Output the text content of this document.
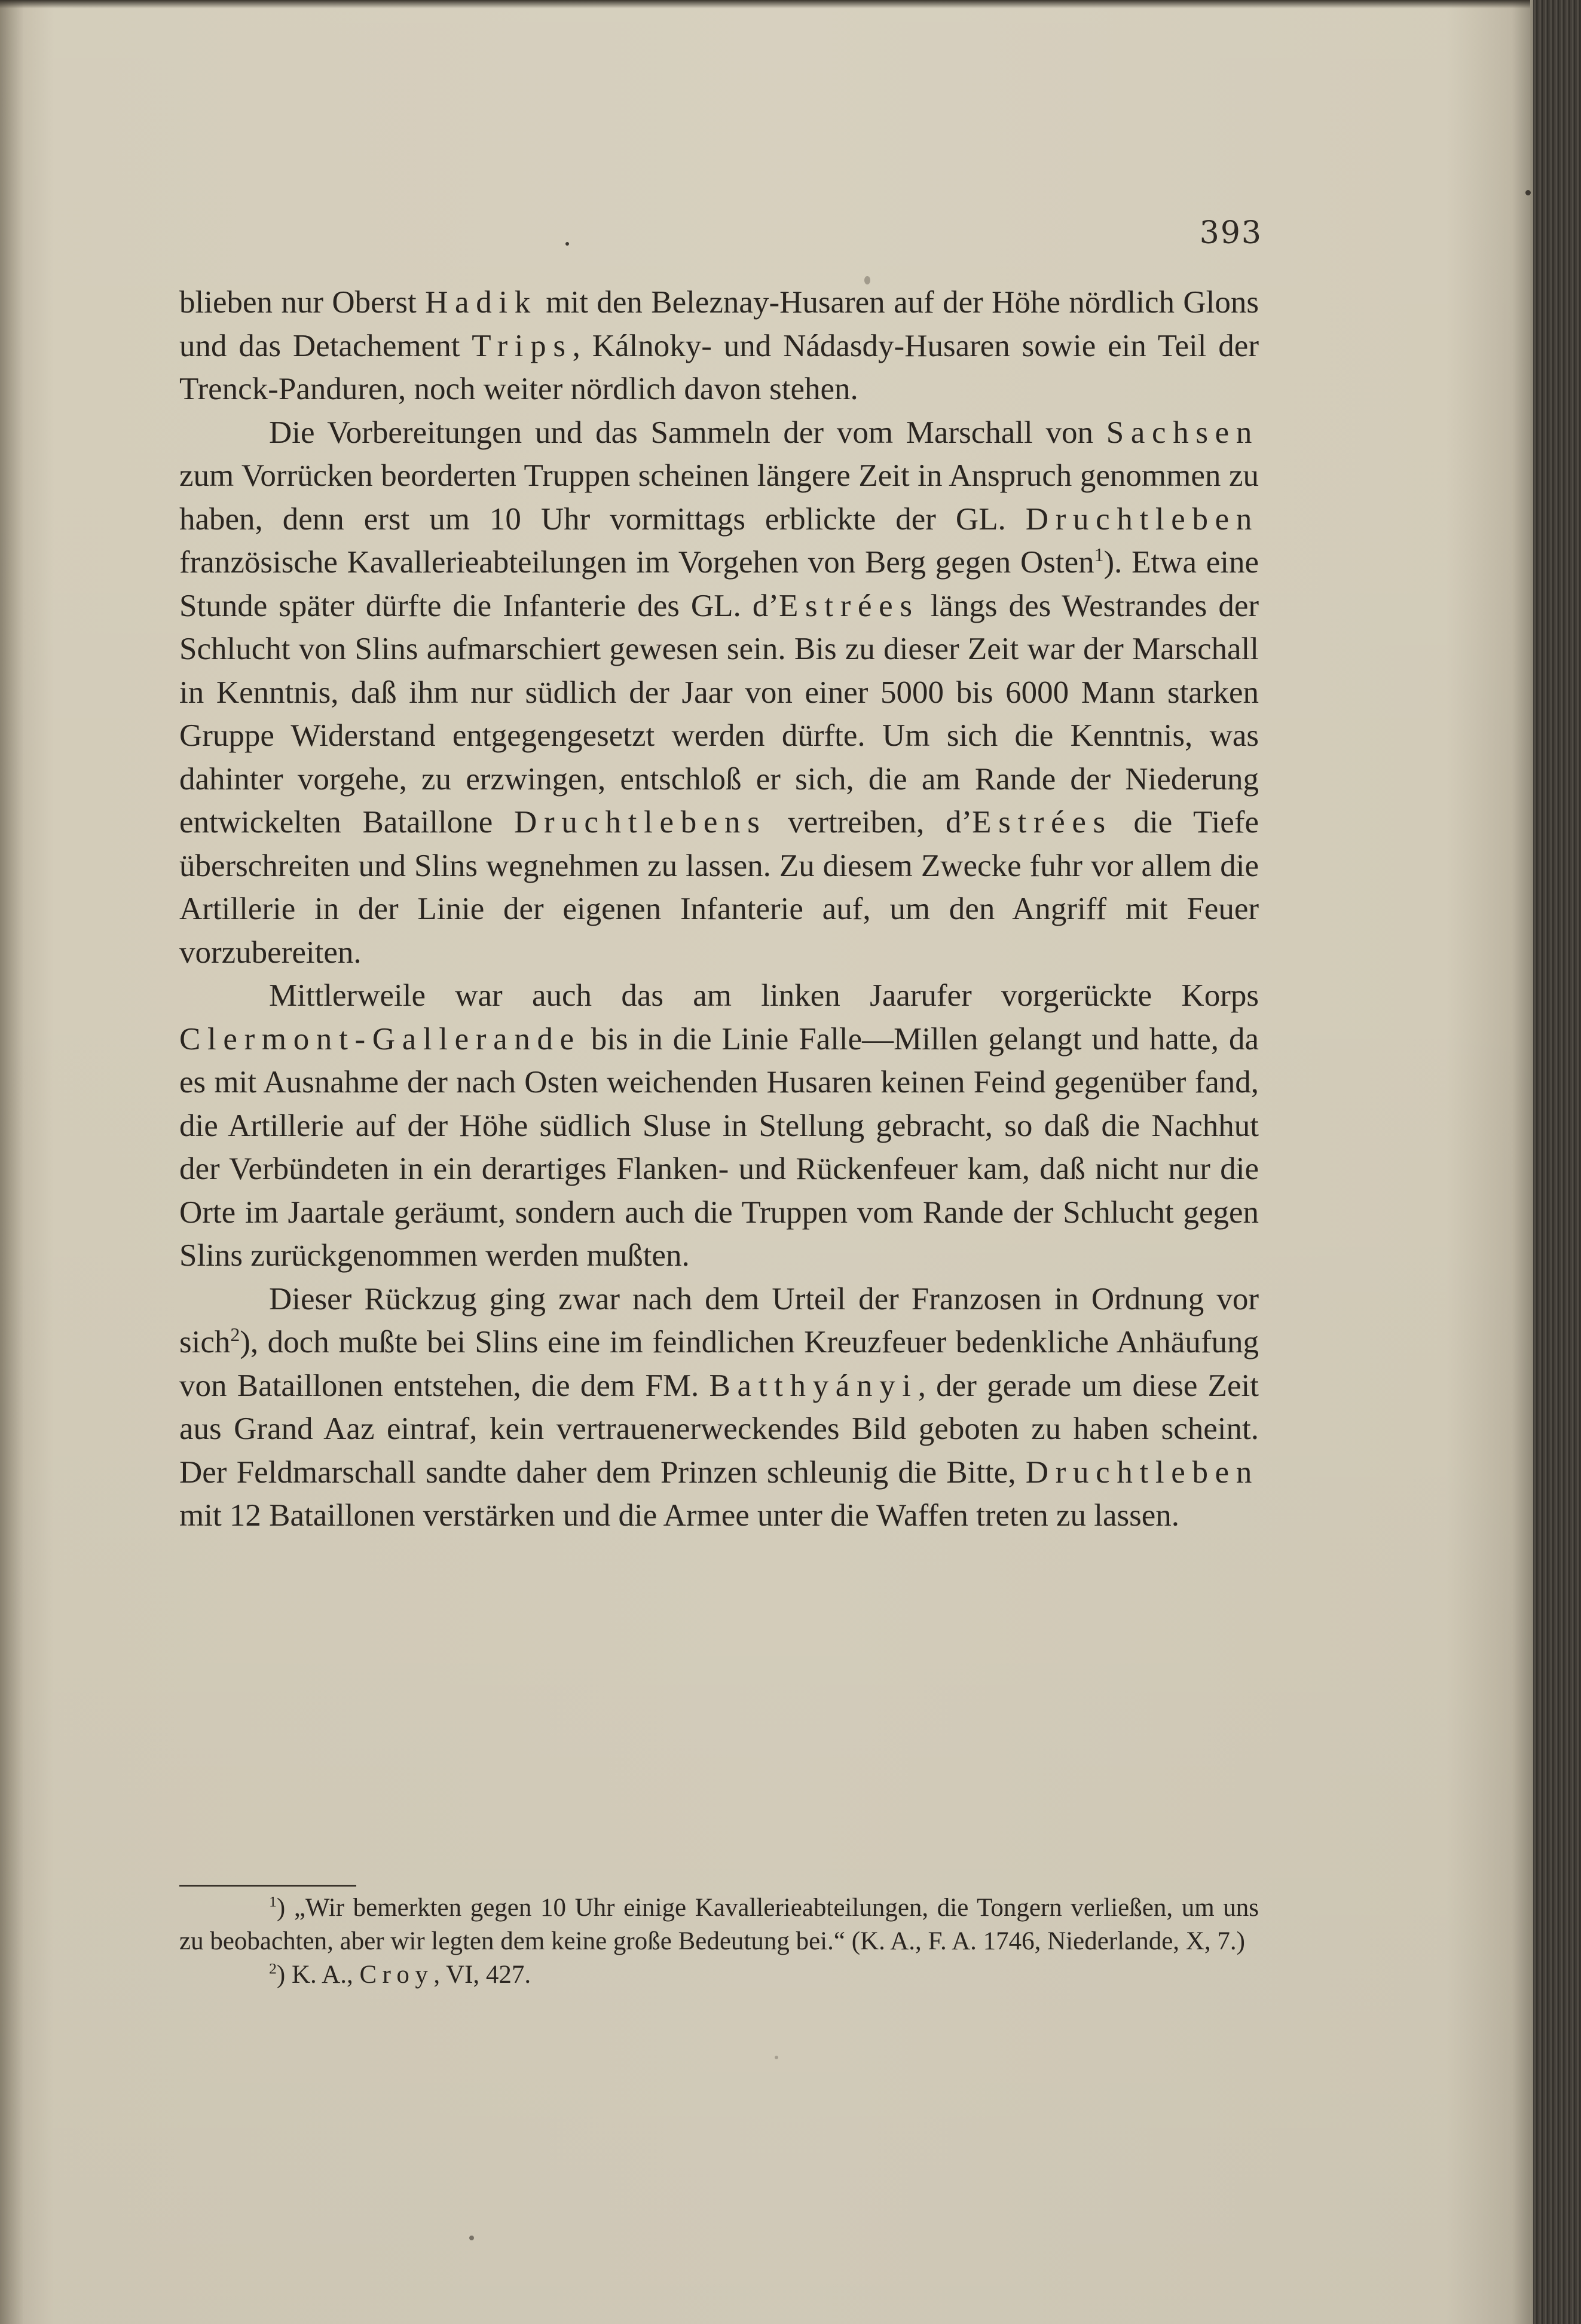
393

blieben nur Oberst Hadik mit den Beleznay-Husaren auf der Höhe nördlich Glons und das Detachement Trips, Kálnoky- und Nádasdy-Husaren sowie ein Teil der Trenck-Panduren, noch weiter nördlich davon stehen.

Die Vorbereitungen und das Sammeln der vom Marschall von Sachsen zum Vorrücken beorderten Truppen scheinen längere Zeit in Anspruch genommen zu haben, denn erst um 10 Uhr vormittags erblickte der GL. Druchtleben französische Kavallerieabteilungen im Vorgehen von Berg gegen Osten$^1$). Etwa eine Stunde später dürfte die Infanterie des GL. d’Estrées längs des Westrandes der Schlucht von Slins aufmarschiert gewesen sein. Bis zu dieser Zeit war der Marschall in Kenntnis, daß ihm nur südlich der Jaar von einer 5000 bis 6000 Mann starken Gruppe Widerstand entgegengesetzt werden dürfte. Um sich die Kenntnis, was dahinter vorgehe, zu erzwingen, entschloß er sich, die am Rande der Niederung entwickelten Bataillone Druchtlebens vertreiben, d’Estrées die Tiefe überschreiten und Slins wegnehmen zu lassen. Zu diesem Zwecke fuhr vor allem die Artillerie in der Linie der eigenen Infanterie auf, um den Angriff mit Feuer vorzubereiten.

Mittlerweile war auch das am linken Jaarufer vorgerückte Korps Clermont-Gallerande bis in die Linie Falle—Millen gelangt und hatte, da es mit Ausnahme der nach Osten weichenden Husaren keinen Feind gegenüber fand, die Artillerie auf der Höhe südlich Sluse in Stellung gebracht, so daß die Nachhut der Verbündeten in ein derartiges Flanken- und Rückenfeuer kam, daß nicht nur die Orte im Jaartale geräumt, sondern auch die Truppen vom Rande der Schlucht gegen Slins zurückgenommen werden mußten.

Dieser Rückzug ging zwar nach dem Urteil der Franzosen in Ordnung vor sich$^2$), doch mußte bei Slins eine im feindlichen Kreuzfeuer bedenkliche Anhäufung von Bataillonen entstehen, die dem FM. Batthyányi, der gerade um diese Zeit aus Grand Aaz eintraf, kein vertrauenerweckendes Bild geboten zu haben scheint. Der Feldmarschall sandte daher dem Prinzen schleunig die Bitte, Druchtleben mit 12 Bataillonen verstärken und die Armee unter die Waffen treten zu lassen.

$^1$) „Wir bemerkten gegen 10 Uhr einige Kavallerieabteilungen, die Tongern verließen, um uns zu beobachten, aber wir legten dem keine große Bedeutung bei.“ (K. A., F. A. 1746, Niederlande, X, 7.)

$^2$) K. A., Croy, VI, 427.
